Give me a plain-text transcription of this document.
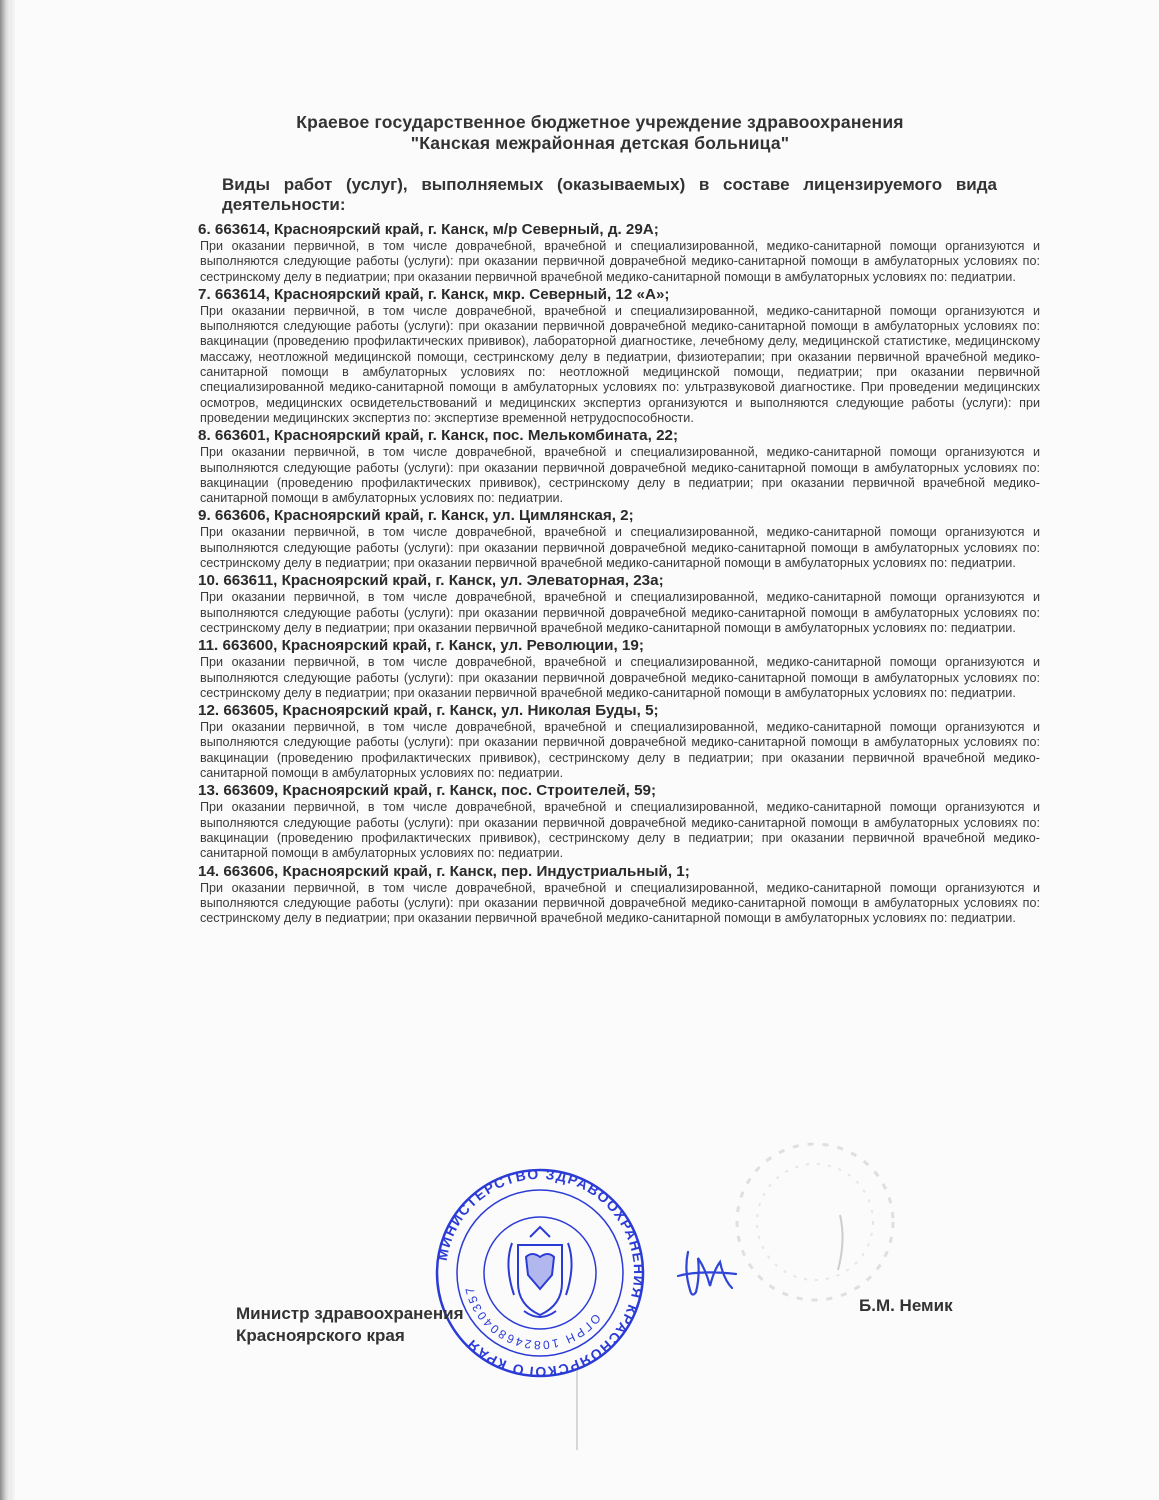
Краевое государственное бюджетное учреждение здравоохранения
"Канская межрайонная детская больница"
Виды работ (услуг), выполняемых (оказываемых) в составе лицензируемого вида деятельности:
6. 663614, Красноярский край, г. Канск, м/р Северный, д. 29А;
При оказании первичной, в том числе доврачебной, врачебной и специализированной, медико-санитарной помощи организуются и выполняются следующие работы (услуги): при оказании первичной доврачебной медико-санитарной помощи в амбулаторных условиях по: сестринскому делу в педиатрии; при оказании первичной врачебной медико-санитарной помощи в амбулаторных условиях по: педиатрии.
7. 663614, Красноярский край, г. Канск, мкр. Северный, 12 «А»;
При оказании первичной, в том числе доврачебной, врачебной и специализированной, медико-санитарной помощи организуются и выполняются следующие работы (услуги): при оказании первичной доврачебной медико-санитарной помощи в амбулаторных условиях по: вакцинации (проведению профилактических прививок), лабораторной диагностике, лечебному делу, медицинской статистике, медицинскому массажу, неотложной медицинской помощи, сестринскому делу в педиатрии, физиотерапии; при оказании первичной врачебной медико-санитарной помощи в амбулаторных условиях по: неотложной медицинской помощи, педиатрии; при оказании первичной специализированной медико-санитарной помощи в амбулаторных условиях по: ультразвуковой диагностике. При проведении медицинских осмотров, медицинских освидетельствований и медицинских экспертиз организуются и выполняются следующие работы (услуги): при проведении медицинских экспертиз по: экспертизе временной нетрудоспособности.
8. 663601, Красноярский край, г. Канск, пос. Мелькомбината, 22;
При оказании первичной, в том числе доврачебной, врачебной и специализированной, медико-санитарной помощи организуются и выполняются следующие работы (услуги): при оказании первичной доврачебной медико-санитарной помощи в амбулаторных условиях по: вакцинации (проведению профилактических прививок), сестринскому делу в педиатрии; при оказании первичной врачебной медико-санитарной помощи в амбулаторных условиях по: педиатрии.
9. 663606, Красноярский край, г. Канск, ул. Цимлянская, 2;
При оказании первичной, в том числе доврачебной, врачебной и специализированной, медико-санитарной помощи организуются и выполняются следующие работы (услуги): при оказании первичной доврачебной медико-санитарной помощи в амбулаторных условиях по: сестринскому делу в педиатрии; при оказании первичной врачебной медико-санитарной помощи в амбулаторных условиях по: педиатрии.
10. 663611, Красноярский край, г. Канск, ул. Элеваторная, 23а;
При оказании первичной, в том числе доврачебной, врачебной и специализированной, медико-санитарной помощи организуются и выполняются следующие работы (услуги): при оказании первичной доврачебной медико-санитарной помощи в амбулаторных условиях по: сестринскому делу в педиатрии; при оказании первичной врачебной медико-санитарной помощи в амбулаторных условиях по: педиатрии.
11. 663600, Красноярский край, г. Канск, ул. Революции, 19;
При оказании первичной, в том числе доврачебной, врачебной и специализированной, медико-санитарной помощи организуются и выполняются следующие работы (услуги): при оказании первичной доврачебной медико-санитарной помощи в амбулаторных условиях по: сестринскому делу в педиатрии; при оказании первичной врачебной медико-санитарной помощи в амбулаторных условиях по: педиатрии.
12. 663605, Красноярский край, г. Канск, ул. Николая Буды, 5;
При оказании первичной, в том числе доврачебной, врачебной и специализированной, медико-санитарной помощи организуются и выполняются следующие работы (услуги): при оказании первичной доврачебной медико-санитарной помощи в амбулаторных условиях по: вакцинации (проведению профилактических прививок), сестринскому делу в педиатрии; при оказании первичной врачебной медико-санитарной помощи в амбулаторных условиях по: педиатрии.
13. 663609, Красноярский край, г. Канск, пос. Строителей, 59;
При оказании первичной, в том числе доврачебной, врачебной и специализированной, медико-санитарной помощи организуются и выполняются следующие работы (услуги): при оказании первичной доврачебной медико-санитарной помощи в амбулаторных условиях по: вакцинации (проведению профилактических прививок), сестринскому делу в педиатрии; при оказании первичной врачебной медико-санитарной помощи в амбулаторных условиях по: педиатрии.
14. 663606, Красноярский край, г. Канск, пер. Индустриальный, 1;
При оказании первичной, в том числе доврачебной, врачебной и специализированной, медико-санитарной помощи организуются и выполняются следующие работы (услуги): при оказании первичной доврачебной медико-санитарной помощи в амбулаторных условиях по: сестринскому делу в педиатрии; при оказании первичной врачебной медико-санитарной помощи в амбулаторных условиях по: педиатрии.
МИНИСТЕРСТВО ЗДРАВООХРАНЕНИЯ КРАСНОЯРСКОГО КРАЯ
ОГРН 1082468040357
Министр здравоохранения
Красноярского края
Б.М. Немик
